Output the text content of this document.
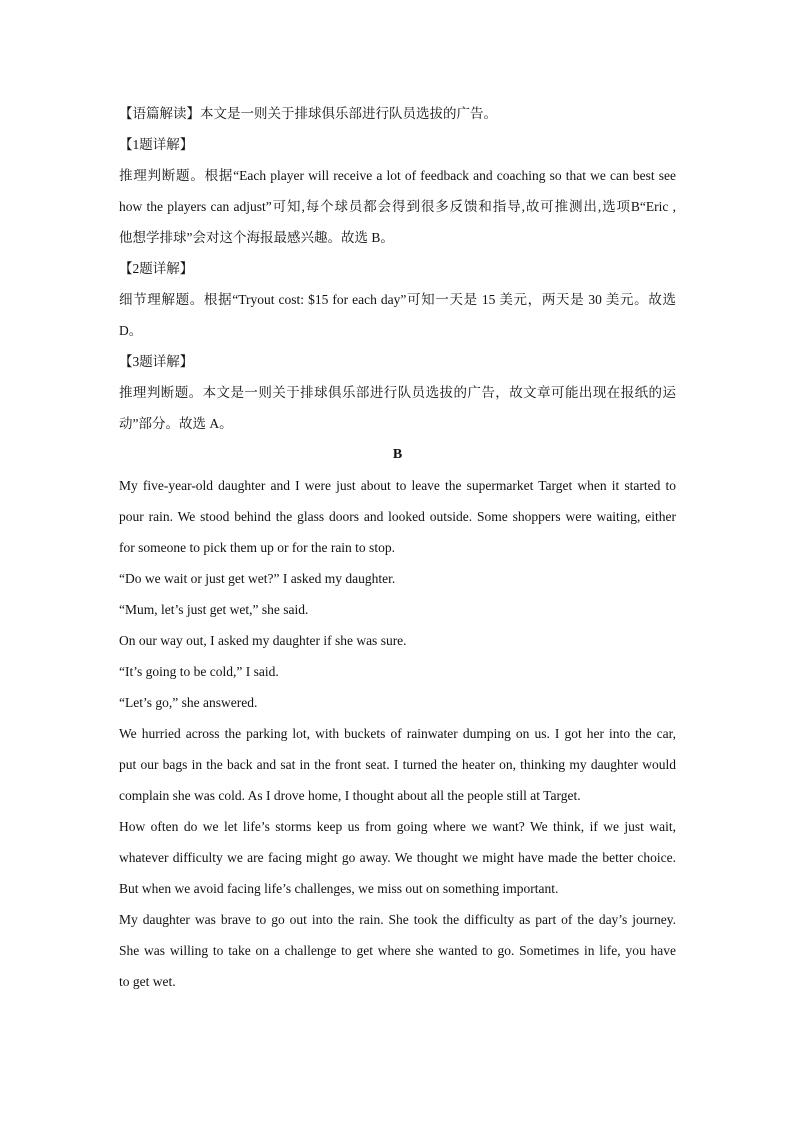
【语篇解读】本文是一则关于排球俱乐部进行队员选拔的广告。
【1题详解】
推理判断题。根据“Each player will receive a lot of feedback and coaching so that we can best see
how the players can adjust”可知,每个球员都会得到很多反馈和指导,故可推测出,选项B“Eric ,
他想学排球”会对这个海报最感兴趣。故选 B。
【2题详解】
细节理解题。根据“Tryout cost: $15 for each day”可知一天是 15 美元，两天是 30 美元。故选
D。
【3题详解】
推理判断题。本文是一则关于排球俱乐部进行队员选拔的广告，故文章可能出现在报纸的运
动”部分。故选 A。
B
My five-year-old daughter and I were just about to leave the supermarket Target when it started to
pour rain. We stood behind the glass doors and looked outside. Some shoppers were waiting, either
for someone to pick them up or for the rain to stop.
“Do we wait or just get wet?” I asked my daughter.
“Mum, let’s just get wet,” she said.
On our way out, I asked my daughter if she was sure.
“It’s going to be cold,” I said.
“Let’s go,” she answered.
We hurried across the parking lot, with buckets of rainwater dumping on us. I got her into the car,
put our bags in the back and sat in the front seat. I turned the heater on, thinking my daughter would
complain she was cold. As I drove home, I thought about all the people still at Target.
How often do we let life’s storms keep us from going where we want? We think, if we just wait,
whatever difficulty we are facing might go away. We thought we might have made the better choice.
But when we avoid facing life’s challenges, we miss out on something important.
My daughter was brave to go out into the rain. She took the difficulty as part of the day’s journey.
She was willing to take on a challenge to get where she wanted to go. Sometimes in life, you have
to get wet.
